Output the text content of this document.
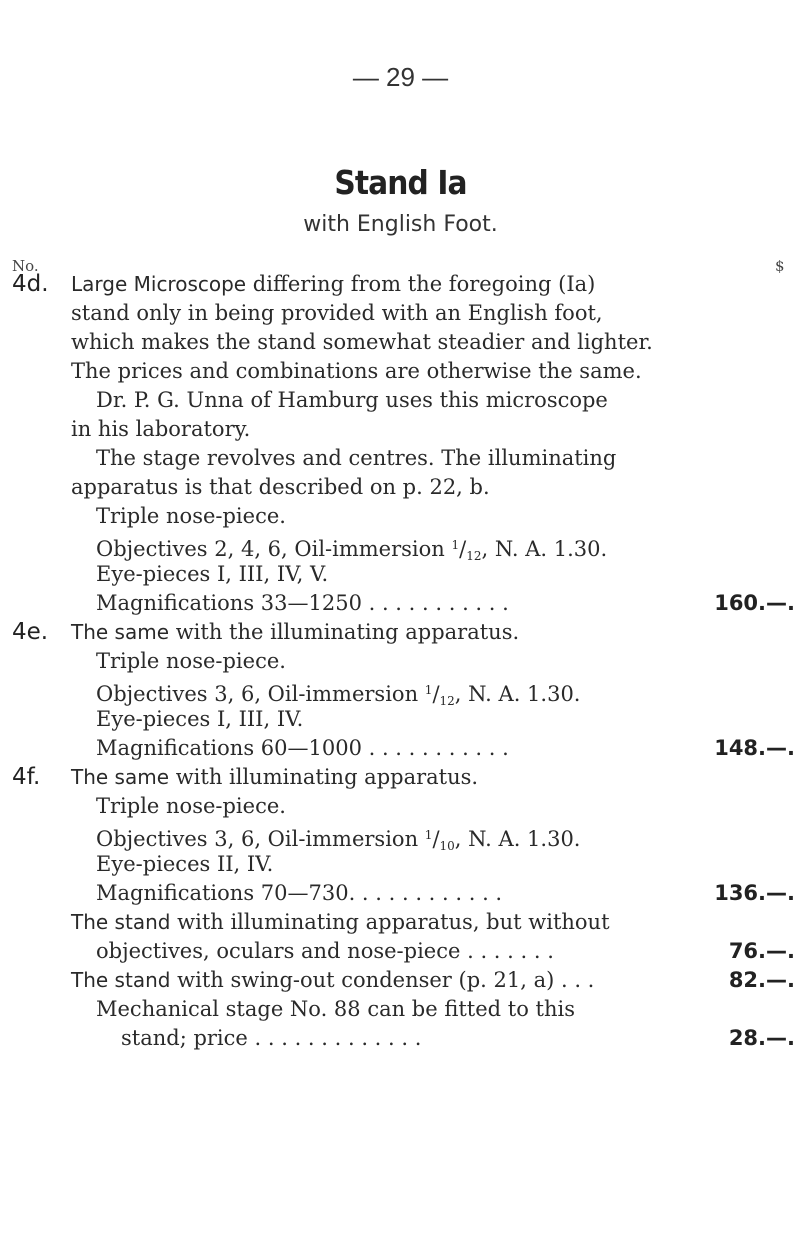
— 29 —
Stand Ia
with English Foot.
No.	$
4d. Large Microscope differing from the foregoing (Ia)
stand only in being provided with an English foot,
which makes the stand somewhat steadier and lighter.
The prices and combinations are otherwise the same.
Dr. P. G. Unna of Hamburg uses this microscope
in his laboratory.
The stage revolves and centres. The illuminating
apparatus is that described on p. 22, b.
Triple nose-piece.
Objectives 2, 4, 6, Oil-immersion $^1/_{12}$, N. A. 1.30.
Eye-pieces I, III, IV, V.
Magnifications 33—1250 . . . . . . . . . . .	160.—.
4e. The same with the illuminating apparatus.
Triple nose-piece.
Objectives 3, 6, Oil-immersion $^1/_{12}$, N. A. 1.30.
Eye-pieces I, III, IV.
Magnifications 60—1000 . . . . . . . . . . .	148.—.
4f. The same with illuminating apparatus.
Triple nose-piece.
Objectives 3, 6, Oil-immersion $^1/_{10}$, N. A. 1.30.
Eye-pieces II, IV.
Magnifications 70—730. . . . . . . . . . . .	136.—.
The stand with illuminating apparatus, but without
objectives, oculars and nose-piece . . . . . . .	76.—.
The stand with swing-out condenser (p. 21, a) . . .	82.—.
Mechanical stage No. 88 can be fitted to this
stand; price . . . . . . . . . . . . .	28.—.
